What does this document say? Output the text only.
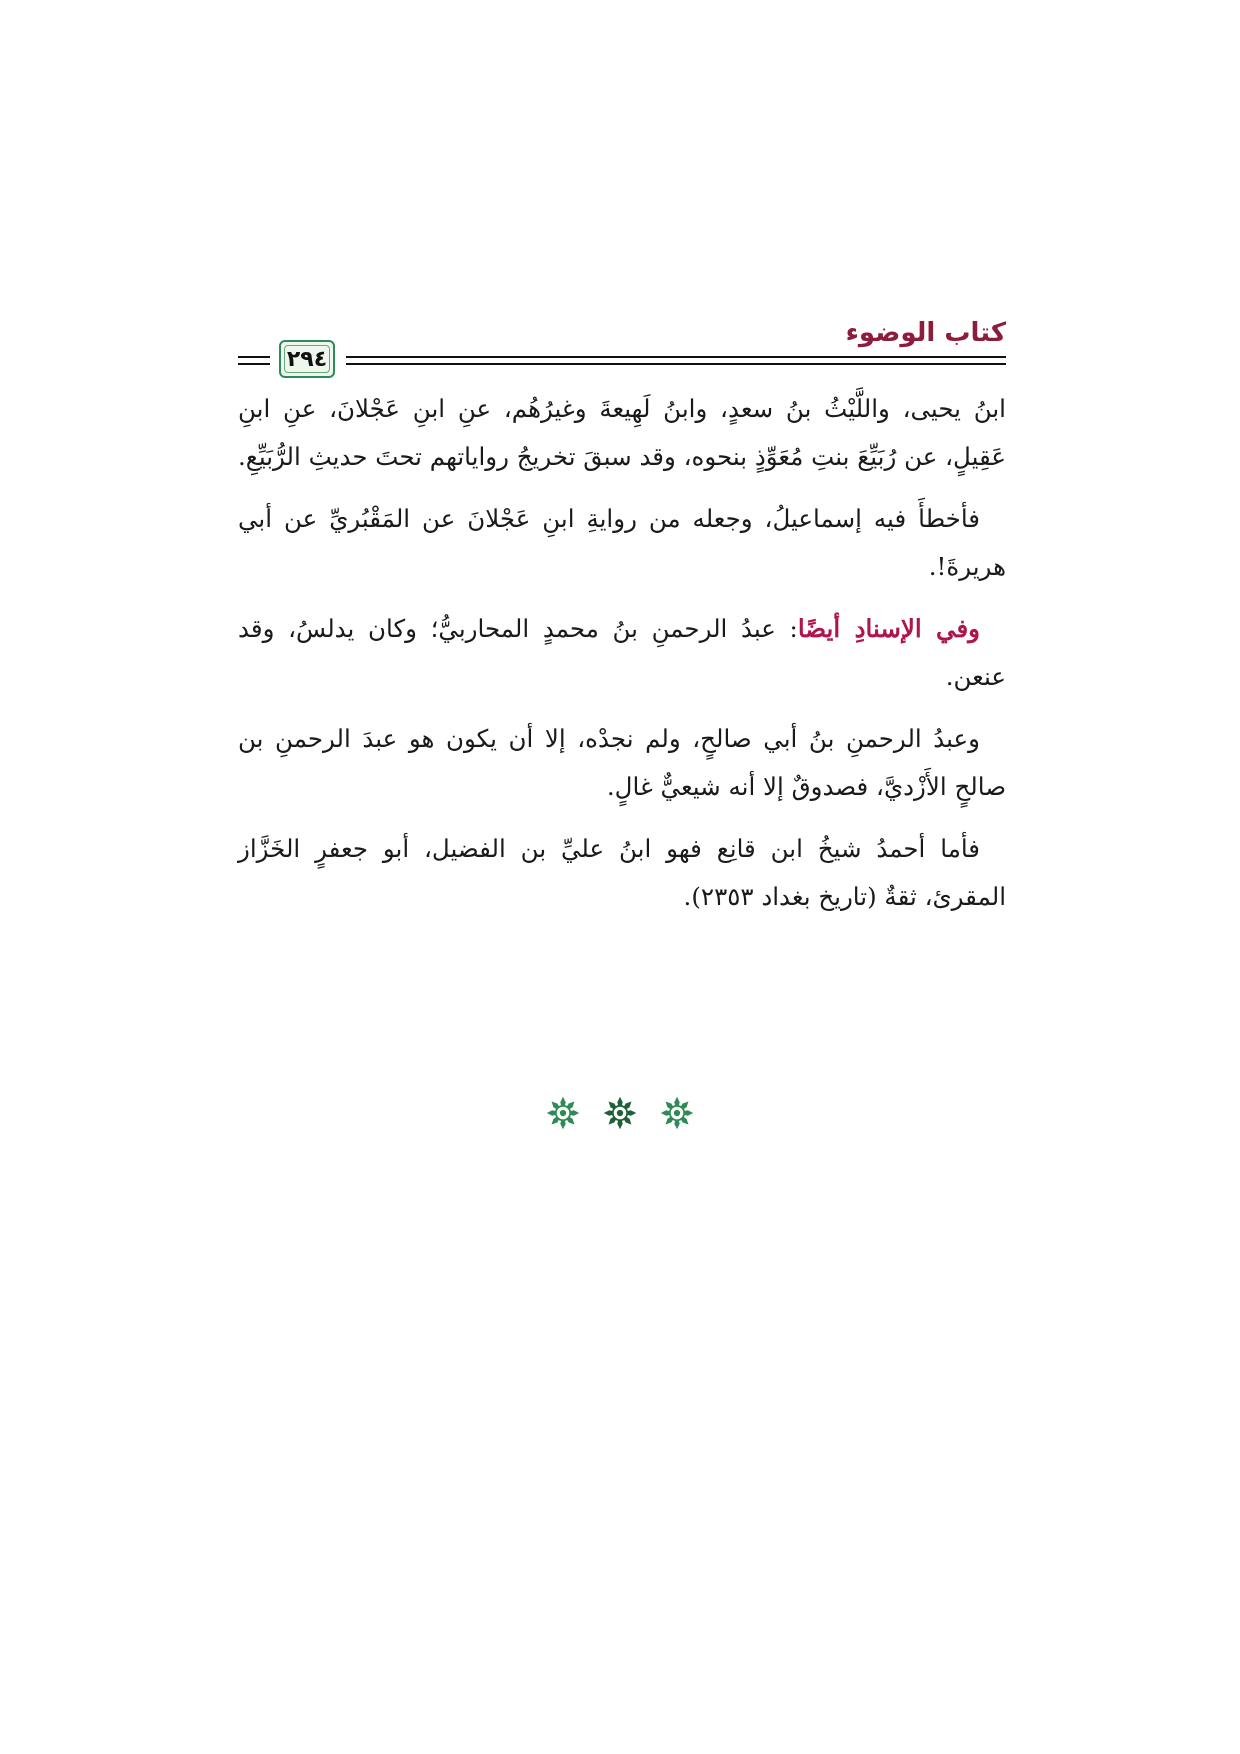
كتاب الوضوء
٢٩٤

ابنُ يحيى، واللَّيْثُ بنُ سعدٍ، وابنُ لَهِيعةَ وغيرُهُم، عنِ ابنِ عَجْلانَ، عنِ ابنِ عَقِيلٍ، عن رُبَيِّعَ بنتِ مُعَوِّذٍ بنحوه، وقد سبقَ تخريجُ رواياتهم تحتَ حديثِ الرُّبَيِّعِ.

فأخطأَ فيه إسماعيلُ، وجعله من روايةِ ابنِ عَجْلانَ عن المَقْبُريِّ عن أبي هريرةَ!.

وفي الإسنادِ أيضًا: عبدُ الرحمنِ بنُ محمدٍ المحاربيُّ؛ وكان يدلسُ، وقد عنعن.

وعبدُ الرحمنِ بنُ أبي صالحٍ، ولم نجدْه، إلا أن يكون هو عبدَ الرحمنِ بن صالحٍ الأَزْديَّ، فصدوقٌ إلا أنه شيعيٌّ غالٍ.

فأما أحمدُ شيخُ ابن قانِع فهو ابنُ عليِّ بن الفضيل، أبو جعفرٍ الخَزَّاز المقرئ، ثقةٌ (تاريخ بغداد ٢٣٥٣).
